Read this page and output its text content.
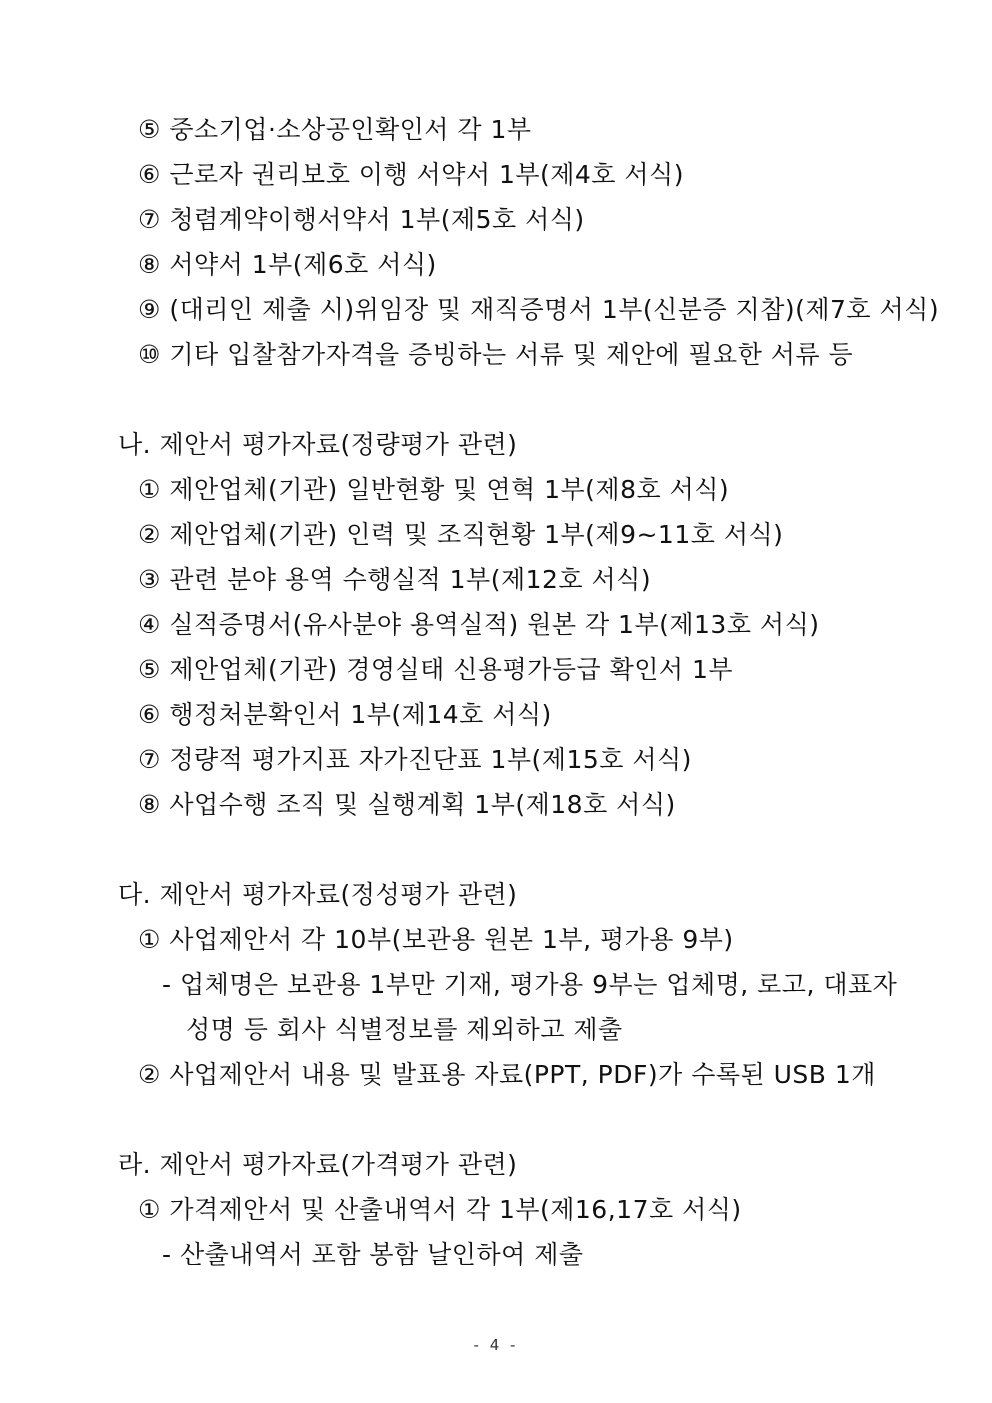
⑤ 중소기업·소상공인확인서 각 1부
⑥ 근로자 권리보호 이행 서약서 1부(제4호 서식)
⑦ 청렴계약이행서약서 1부(제5호 서식)
⑧ 서약서 1부(제6호 서식)
⑨ (대리인 제출 시)위임장 및 재직증명서 1부(신분증 지참)(제7호 서식)
⑩ 기타 입찰참가자격을 증빙하는 서류 및 제안에 필요한 서류 등
나. 제안서 평가자료(정량평가 관련)
① 제안업체(기관) 일반현황 및 연혁 1부(제8호 서식)
② 제안업체(기관) 인력 및 조직현황 1부(제9~11호 서식)
③ 관련 분야 용역 수행실적 1부(제12호 서식)
④ 실적증명서(유사분야 용역실적) 원본 각 1부(제13호 서식)
⑤ 제안업체(기관) 경영실태 신용평가등급 확인서 1부
⑥ 행정처분확인서 1부(제14호 서식)
⑦ 정량적 평가지표 자가진단표 1부(제15호 서식)
⑧ 사업수행 조직 및 실행계획 1부(제18호 서식)
다. 제안서 평가자료(정성평가 관련)
① 사업제안서 각 10부(보관용 원본 1부, 평가용 9부)
- 업체명은 보관용 1부만 기재, 평가용 9부는 업체명, 로고, 대표자
성명 등 회사 식별정보를 제외하고 제출
② 사업제안서 내용 및 발표용 자료(PPT, PDF)가 수록된 USB 1개
라. 제안서 평가자료(가격평가 관련)
① 가격제안서 및 산출내역서 각 1부(제16,17호 서식)
- 산출내역서 포함 봉함 날인하여 제출
- 4 -
